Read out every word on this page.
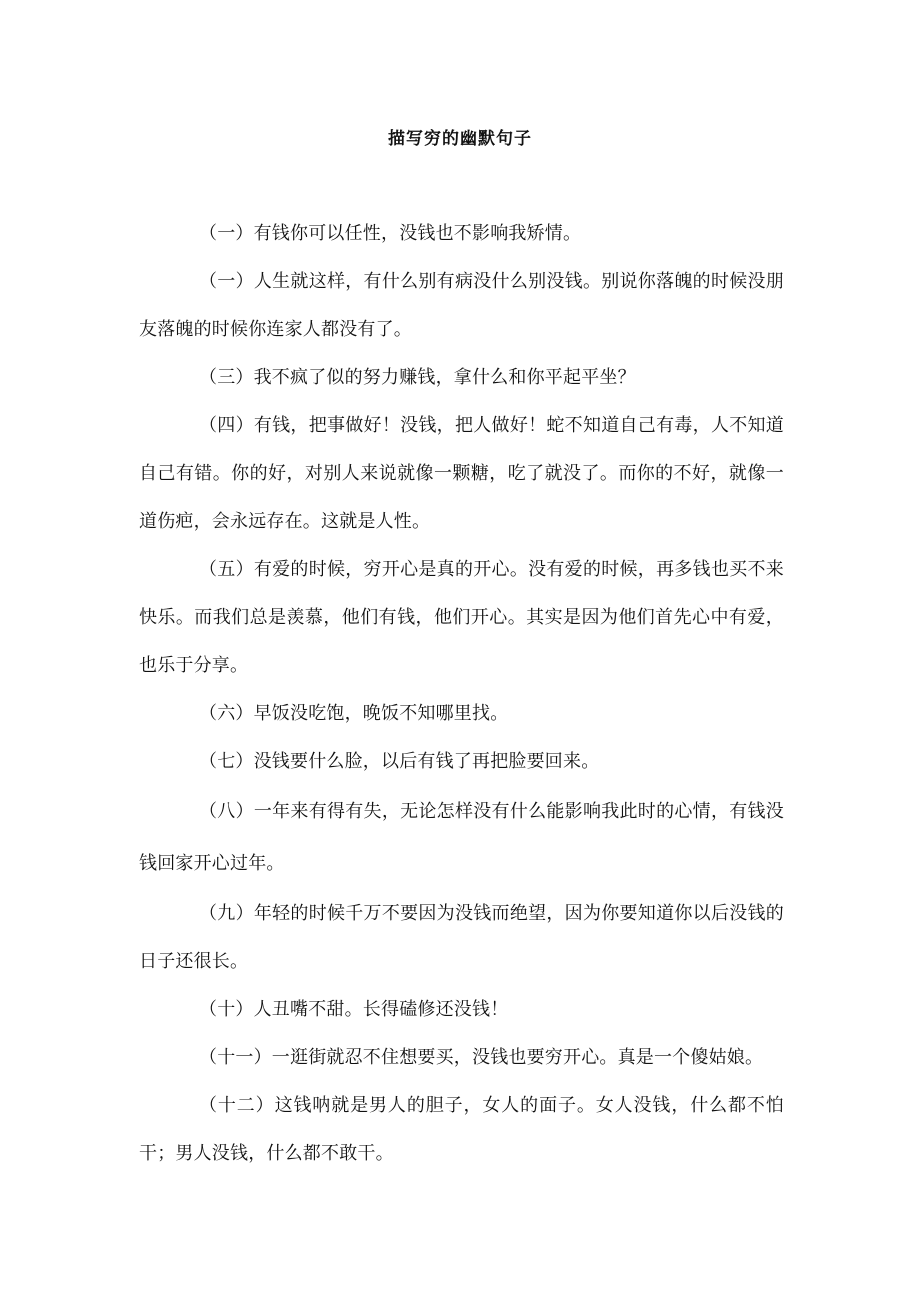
描写穷的幽默句子

（一）有钱你可以任性，没钱也不影响我矫情。

（一）人生就这样，有什么别有病没什么别没钱。别说你落魄的时候没朋友落魄的时候你连家人都没有了。

（三）我不疯了似的努力赚钱，拿什么和你平起平坐？

（四）有钱，把事做好！没钱，把人做好！蛇不知道自己有毒，人不知道自己有错。你的好，对别人来说就像一颗糖，吃了就没了。而你的不好，就像一道伤疤，会永远存在。这就是人性。

（五）有爱的时候，穷开心是真的开心。没有爱的时候，再多钱也买不来快乐。而我们总是羡慕，他们有钱，他们开心。其实是因为他们首先心中有爱，也乐于分享。

（六）早饭没吃饱，晚饭不知哪里找。

（七）没钱要什么脸，以后有钱了再把脸要回来。

（八）一年来有得有失，无论怎样没有什么能影响我此时的心情，有钱没钱回家开心过年。

（九）年轻的时候千万不要因为没钱而绝望，因为你要知道你以后没钱的日子还很长。

（十）人丑嘴不甜。长得磕修还没钱！

（十一）一逛街就忍不住想要买，没钱也要穷开心。真是一个傻姑娘。

（十二）这钱呐就是男人的胆子，女人的面子。女人没钱，什么都不怕干；男人没钱，什么都不敢干。
